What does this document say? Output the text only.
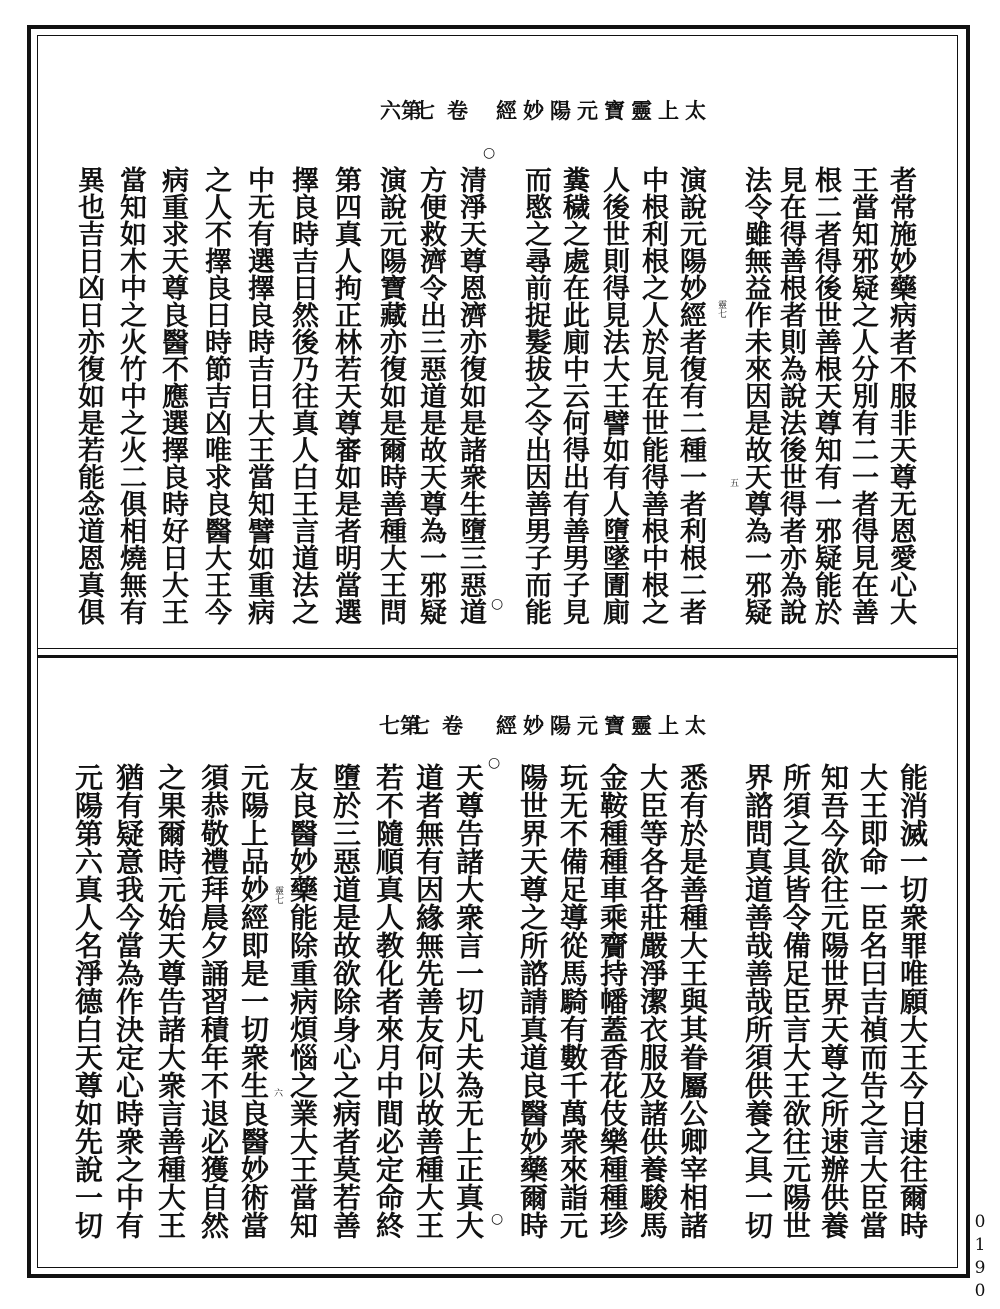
太上靈寶元陽妙經
卷七
第六
者常施妙藥病者不服非天尊无恩愛心大
王當知邪疑之人分別有二一者得見在善
根二者得後世善根天尊知有一邪疑能於
見在得善根者則為說法後世得者亦為說
法令雖無益作未來因是故天尊為一邪疑
演說元陽妙經者復有二種一者利根二者
中根利根之人於見在世能得善根中根之
人後世則得見法大王譬如有人墮墜圊廁
糞穢之處在此廁中云何得出有善男子見
而愍之尋前捉髮拔之令出因善男子而能
清淨天尊恩濟亦復如是諸衆生墮三惡道
方便救濟令出三惡道是故天尊為一邪疑
演說元陽寶藏亦復如是爾時善種大王問
第四真人拘正林若天尊審如是者明當選
擇良時吉日然後乃往真人白王言道法之
中无有選擇良時吉日大王當知譬如重病
之人不擇良日時節吉凶唯求良醫大王今
病重求天尊良醫不應選擇良時好日大王
當知如木中之火竹中之火二俱相燒無有
異也吉日凶日亦復如是若能念道恩真俱	靈七
五
○
○
太上靈寶元陽妙經
卷七
第七
能消滅一切衆罪唯願大王今日速往爾時
大王即命一臣名曰吉禎而告之言大臣當
知吾今欲往元陽世界天尊之所速辦供養
所須之具皆令備足臣言大王欲往元陽世
界諮問真道善哉善哉所須供養之具一切
悉有於是善種大王與其眷屬公卿宰相諸
大臣等各各莊嚴淨潔衣服及諸供養駿馬
金鞍種種車乘齎持幡蓋香花伎樂種種珍
玩无不備足導從馬騎有數千萬衆來詣元
陽世界天尊之所諮請真道良醫妙藥爾時
天尊告諸大衆言一切凡夫為无上正真大
道者無有因緣無先善友何以故善種大王
若不隨順真人教化者來月中間必定命終
墮於三惡道是故欲除身心之病者莫若善
友良醫妙藥能除重病煩惱之業大王當知
元陽上品妙經即是一切衆生良醫妙術當
須恭敬禮拜晨夕誦習積年不退必獲自然
之果爾時元始天尊告諸大衆言善種大王
猶有疑意我今當為作決定心時衆之中有
元陽第六真人名淨德白天尊如先說一切	靈七
六
○
○	0190
